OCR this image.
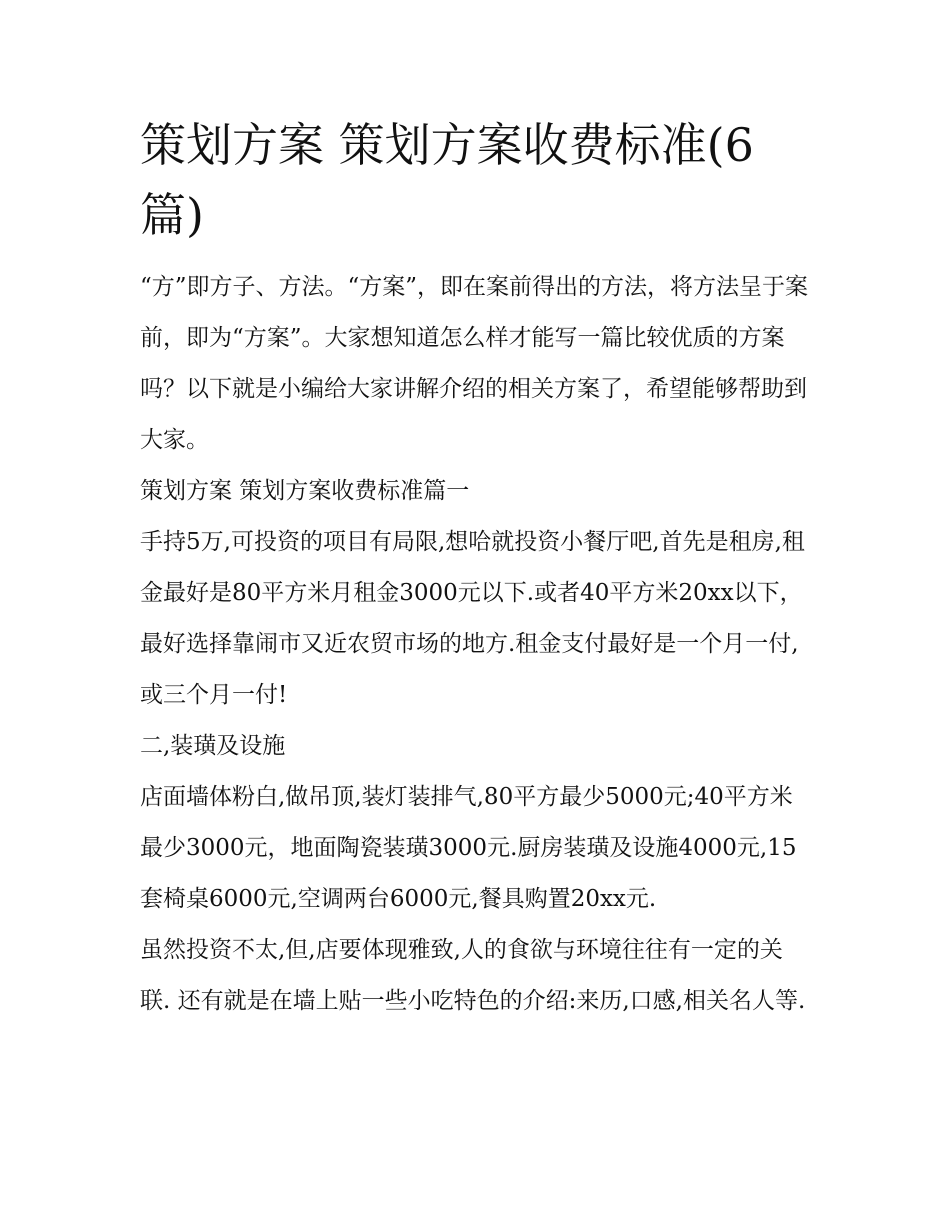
策划方案 策划方案收费标准(6篇)

“方”即方子、方法。“方案”，即在案前得出的方法，将方法呈于案前，即为“方案”。大家想知道怎么样才能写一篇比较优质的方案吗？以下就是小编给大家讲解介绍的相关方案了，希望能够帮助到大家。

策划方案 策划方案收费标准篇一

手持5万,可投资的项目有局限,想哈就投资小餐厅吧,首先是租房,租金最好是80平方米月租金3000元以下.或者40平方米20xx以下，最好选择靠闹市又近农贸市场的地方.租金支付最好是一个月一付,或三个月一付!

二,装璜及设施

店面墙体粉白,做吊顶,装灯装排气,80平方最少5000元;40平方米最少3000元，地面陶瓷装璜3000元.厨房装璜及设施4000元,15套椅桌6000元,空调两台6000元,餐具购置20xx元.

虽然投资不太,但,店要体现雅致,人的食欲与环境往往有一定的关联. 还有就是在墙上贴一些小吃特色的介绍:来历,口感,相关名人等.
